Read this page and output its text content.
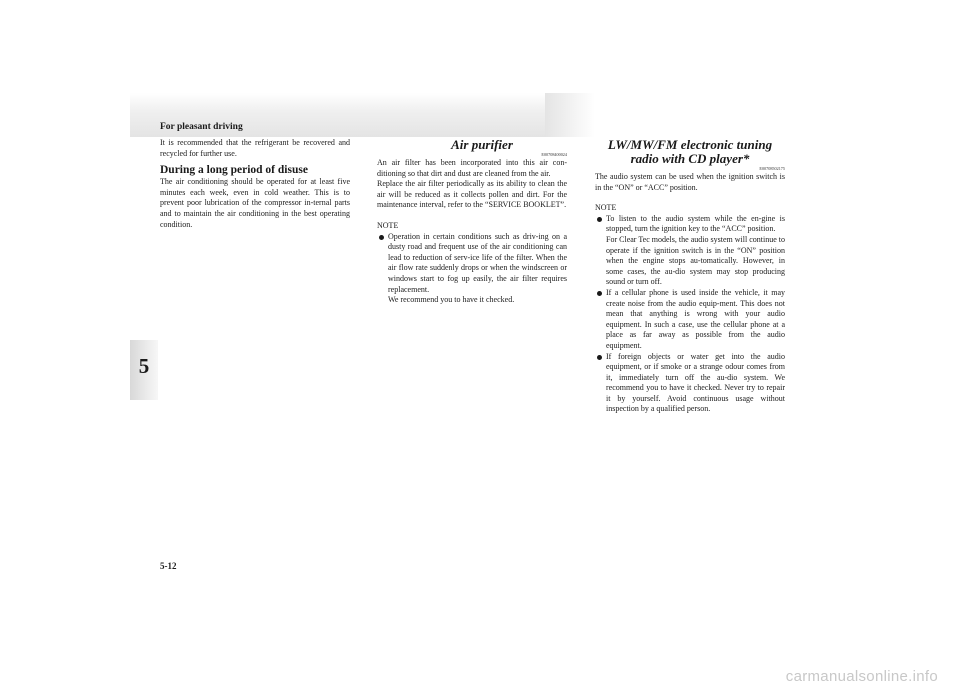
For pleasant driving

5

It is recommended that the refrigerant be recovered and recycled for further use.

During a long period of disuse

The air conditioning should be operated for at least five minutes each week, even in cold weather. This is to prevent poor lubrication of the compressor in-ternal parts and to maintain the air conditioning in the best operating condition.

Air purifier

E00708400024

An air filter has been incorporated into this air con-ditioning so that dirt and dust are cleaned from the air.

Replace the air filter periodically as its ability to clean the air will be reduced as it collects pollen and dirt. For the maintenance interval, refer to the “SERVICE BOOKLET”.

NOTE

Operation in certain conditions such as driv-ing on a dusty road and frequent use of the air conditioning can lead to reduction of serv-ice life of the filter. When the air flow rate suddenly drops or when the windscreen or windows start to fog up easily, the air filter requires replacement.
We recommend you to have it checked.

LW/MW/FM electronic tuning radio with CD player*

E00708502175

The audio system can be used when the ignition switch is in the “ON” or “ACC” position.

NOTE

To listen to the audio system while the en-gine is stopped, turn the ignition key to the “ACC” position.
For Clear Tec models, the audio system will continue to operate if the ignition switch is in the “ON” position when the engine stops au-tomatically. However, in some cases, the au-dio system may stop producing sound or turn off.
If a cellular phone is used inside the vehicle, it may create noise from the audio equip-ment. This does not mean that anything is wrong with your audio equipment. In such a case, use the cellular phone at a place as far away as possible from the audio equipment.
If foreign objects or water get into the audio equipment, or if smoke or a strange odour comes from it, immediately turn off the au-dio system. We recommend you to have it checked. Never try to repair it by yourself. Avoid continuous usage without inspection by a qualified person.

5-12

carmanualsonline.info
